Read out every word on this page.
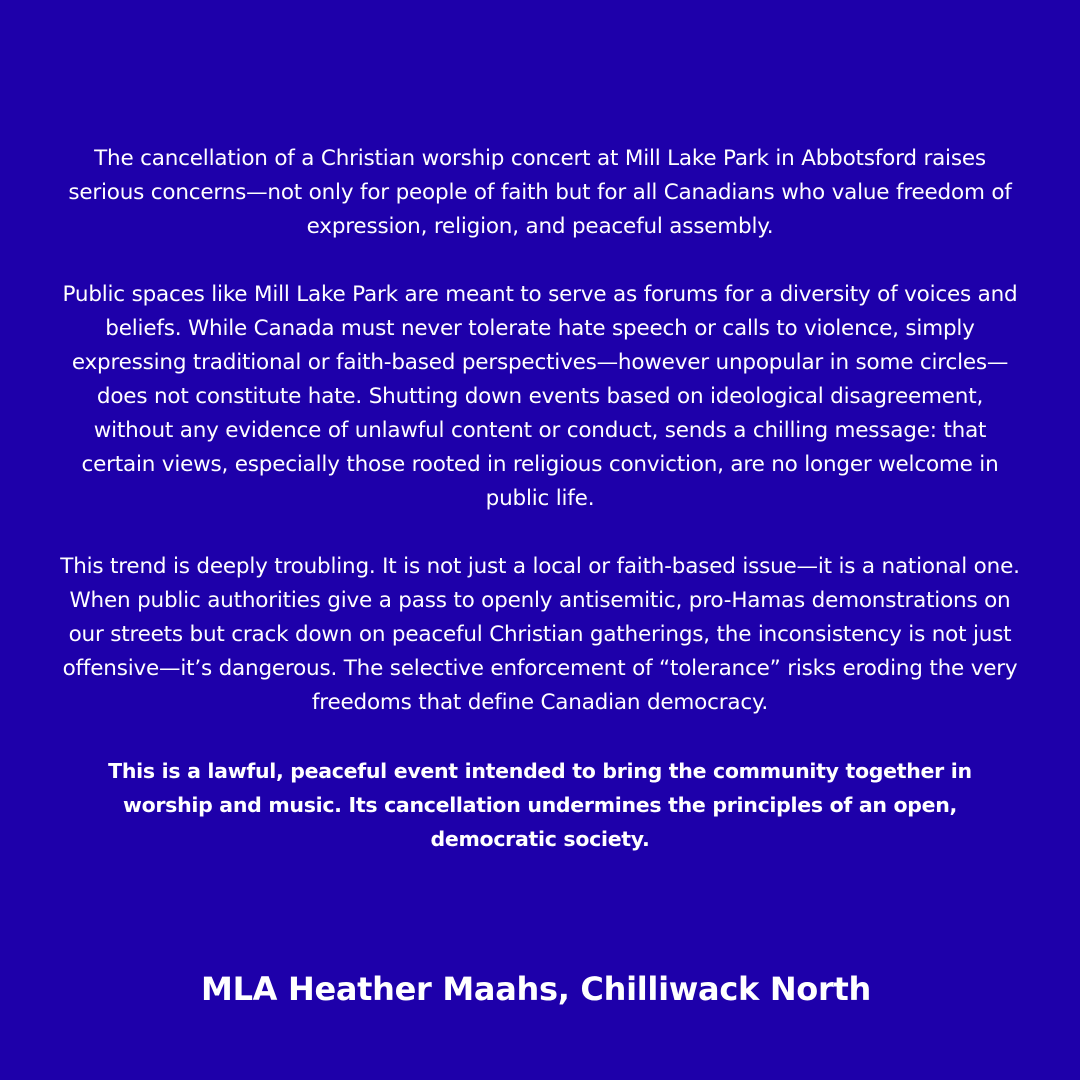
The cancellation of a Christian worship concert at Mill Lake Park in Abbotsford raises serious concerns—not only for people of faith but for all Canadians who value freedom of expression, religion, and peaceful assembly.

Public spaces like Mill Lake Park are meant to serve as forums for a diversity of voices and beliefs. While Canada must never tolerate hate speech or calls to violence, simply expressing traditional or faith-based perspectives—however unpopular in some circles—does not constitute hate. Shutting down events based on ideological disagreement, without any evidence of unlawful content or conduct, sends a chilling message: that certain views, especially those rooted in religious conviction, are no longer welcome in public life.

This trend is deeply troubling. It is not just a local or faith-based issue—it is a national one. When public authorities give a pass to openly antisemitic, pro-Hamas demonstrations on our streets but crack down on peaceful Christian gatherings, the inconsistency is not just offensive—it’s dangerous. The selective enforcement of “tolerance” risks eroding the very freedoms that define Canadian democracy.

This is a lawful, peaceful event intended to bring the community together in worship and music. Its cancellation undermines the principles of an open, democratic society.

MLA Heather Maahs, Chilliwack North
